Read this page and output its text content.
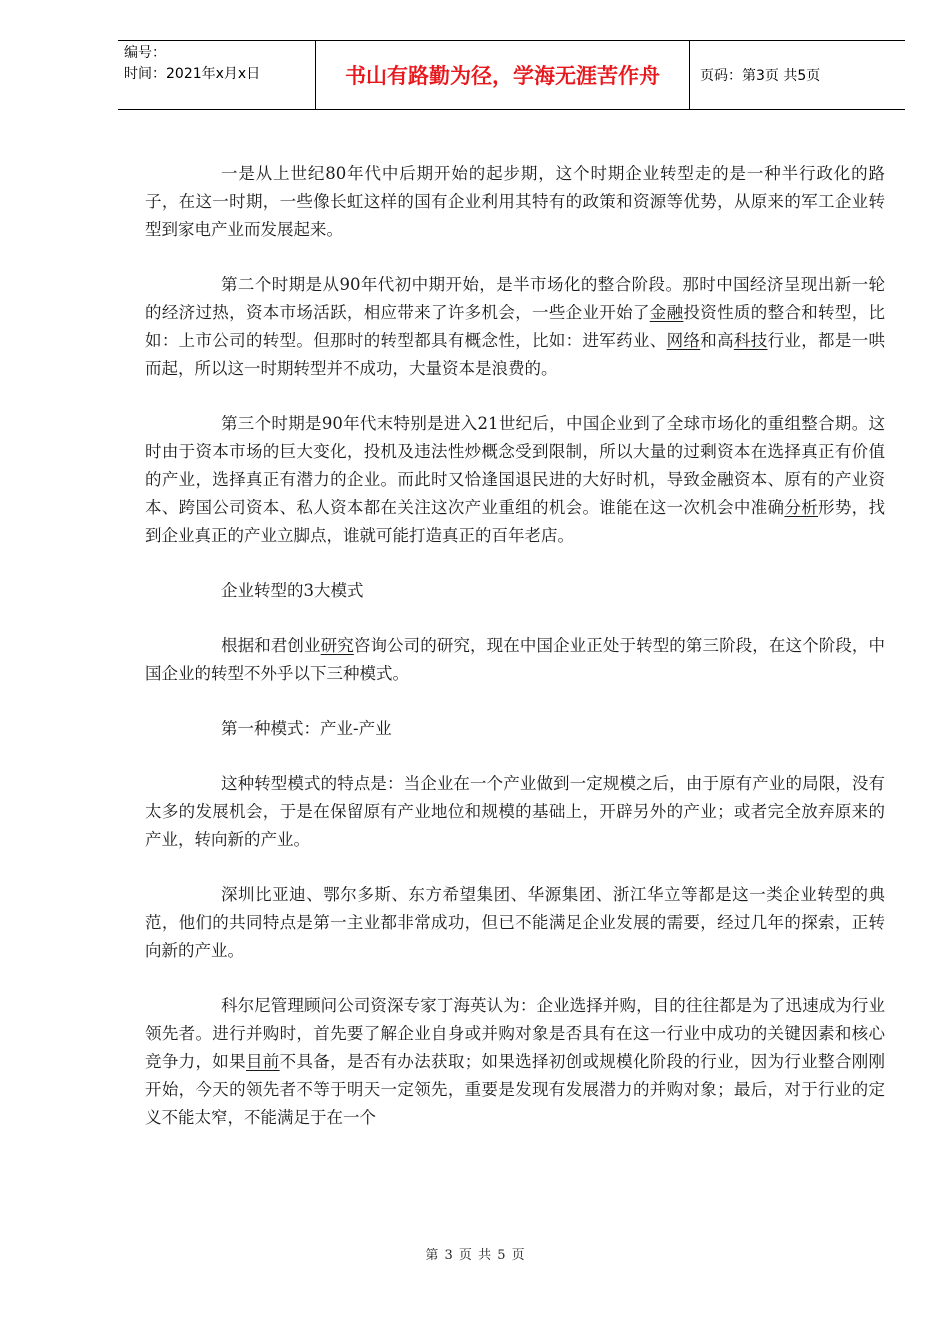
编号：
时间：2021年x月x日	书山有路勤为径，学海无涯苦作舟	页码：第3页 共5页

一是从上世纪80年代中后期开始的起步期，这个时期企业转型走的是一种半行政化的路子，在这一时期，一些像长虹这样的国有企业利用其特有的政策和资源等优势，从原来的军工企业转型到家电产业而发展起来。

第二个时期是从90年代初中期开始，是半市场化的整合阶段。那时中国经济呈现出新一轮的经济过热，资本市场活跃，相应带来了许多机会，一些企业开始了金融投资性质的整合和转型，比如：上市公司的转型。但那时的转型都具有概念性，比如：进军药业、网络和高科技行业，都是一哄而起，所以这一时期转型并不成功，大量资本是浪费的。

第三个时期是90年代末特别是进入21世纪后，中国企业到了全球市场化的重组整合期。这时由于资本市场的巨大变化，投机及违法性炒概念受到限制，所以大量的过剩资本在选择真正有价值的产业，选择真正有潜力的企业。而此时又恰逢国退民进的大好时机，导致金融资本、原有的产业资本、跨国公司资本、私人资本都在关注这次产业重组的机会。谁能在这一次机会中准确分析形势，找到企业真正的产业立脚点，谁就可能打造真正的百年老店。

企业转型的3大模式

根据和君创业研究咨询公司的研究，现在中国企业正处于转型的第三阶段，在这个阶段，中国企业的转型不外乎以下三种模式。

第一种模式：产业-产业

这种转型模式的特点是：当企业在一个产业做到一定规模之后，由于原有产业的局限，没有太多的发展机会，于是在保留原有产业地位和规模的基础上，开辟另外的产业；或者完全放弃原来的产业，转向新的产业。

深圳比亚迪、鄂尔多斯、东方希望集团、华源集团、浙江华立等都是这一类企业转型的典范，他们的共同特点是第一主业都非常成功，但已不能满足企业发展的需要，经过几年的探索，正转向新的产业。

科尔尼管理顾问公司资深专家丁海英认为：企业选择并购，目的往往都是为了迅速成为行业领先者。进行并购时，首先要了解企业自身或并购对象是否具有在这一行业中成功的关键因素和核心竞争力，如果目前不具备，是否有办法获取；如果选择初创或规模化阶段的行业，因为行业整合刚刚开始，今天的领先者不等于明天一定领先，重要是发现有发展潜力的并购对象；最后，对于行业的定义不能太窄，不能满足于在一个

第 3 页 共 5 页
